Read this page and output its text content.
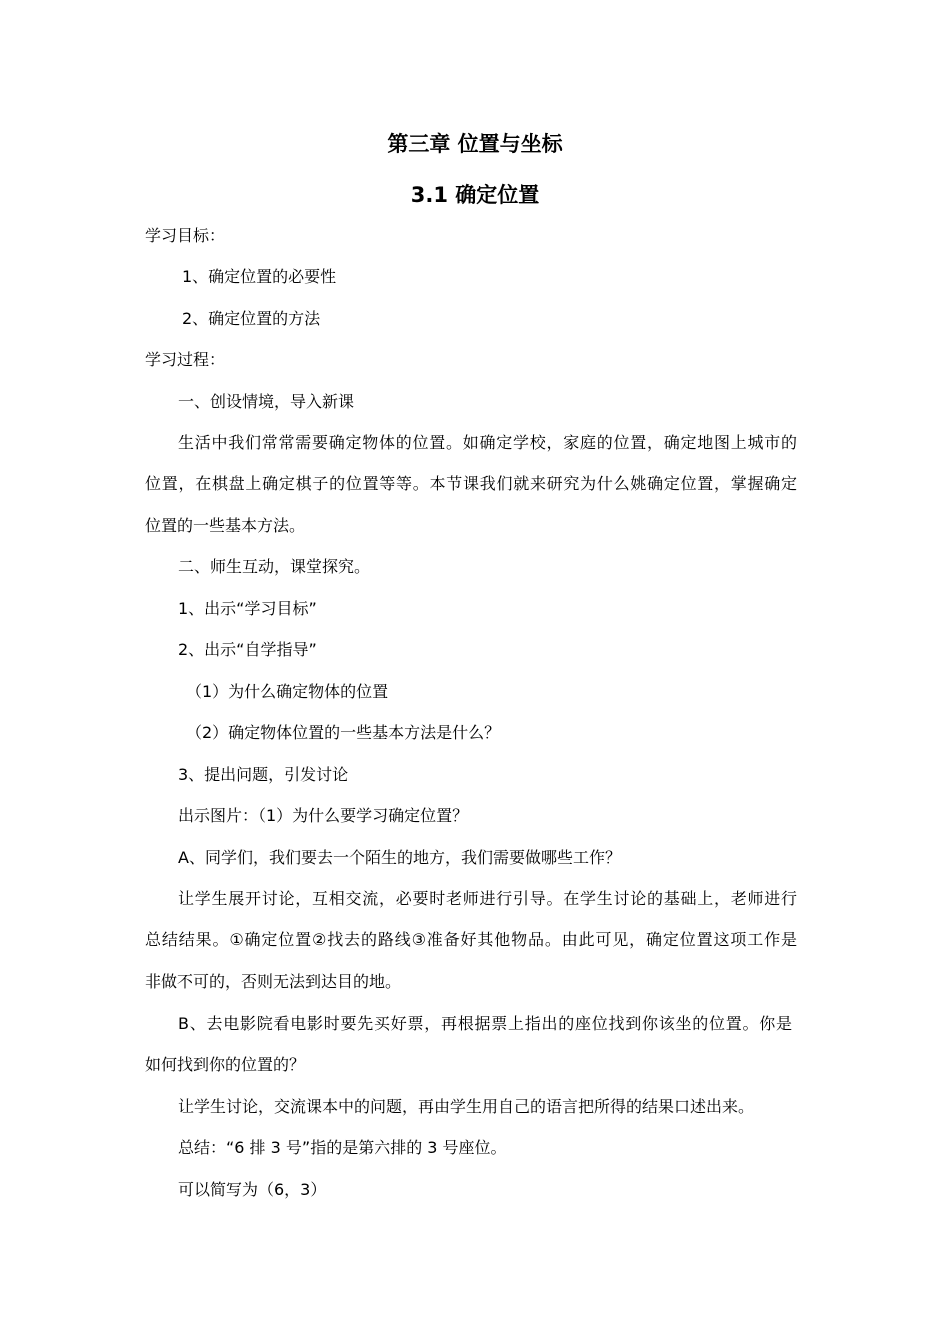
第三章 位置与坐标
3.1 确定位置
学习目标：
1、确定位置的必要性
2、确定位置的方法
学习过程：
一、创设情境，导入新课
生活中我们常常需要确定物体的位置。如确定学校，家庭的位置，确定地图上城市的
位置，在棋盘上确定棋子的位置等等。本节课我们就来研究为什么姚确定位置，掌握确定
位置的一些基本方法。
二、师生互动，课堂探究。
1、出示“学习目标”
2、出示“自学指导”
（1）为什么确定物体的位置
（2）确定物体位置的一些基本方法是什么？
3、提出问题，引发讨论
出示图片：（1）为什么要学习确定位置？
A、同学们，我们要去一个陌生的地方，我们需要做哪些工作？
让学生展开讨论，互相交流，必要时老师进行引导。在学生讨论的基础上，老师进行
总结结果。①确定位置②找去的路线③准备好其他物品。由此可见，确定位置这项工作是
非做不可的，否则无法到达目的地。
B、去电影院看电影时要先买好票，再根据票上指出的座位找到你该坐的位置。你是
如何找到你的位置的？
让学生讨论，交流课本中的问题，再由学生用自己的语言把所得的结果口述出来。
总结：“6 排 3 号”指的是第六排的 3 号座位。
可以简写为（6，3）
